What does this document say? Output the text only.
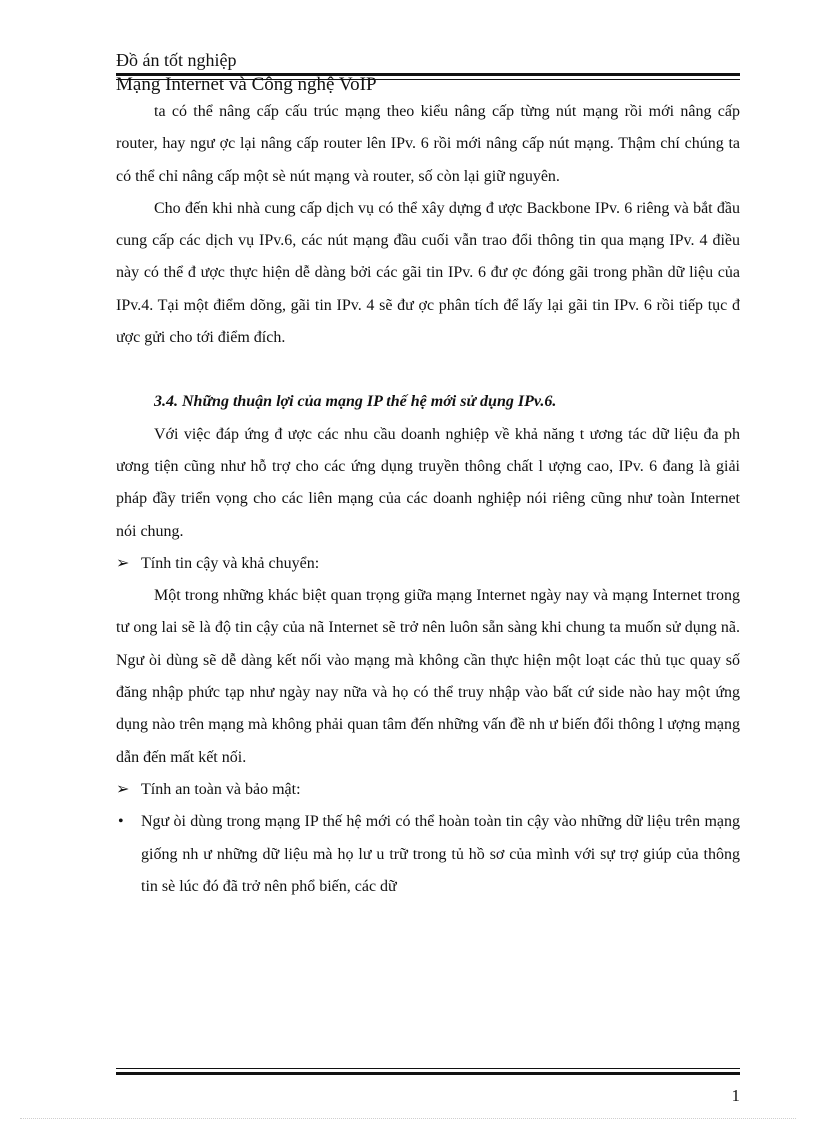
Đồ án tốt nghiệp
Mạng Internet và Công nghệ VoIP

ta có thể nâng cấp cấu trúc mạng theo kiểu nâng cấp từng nút mạng rồi mới nâng cấp router, hay ngư ợc lại nâng cấp router lên IPv. 6 rồi mới nâng cấp nút mạng. Thậm chí chúng ta có thể chỉ nâng cấp một sè nút mạng và router, số còn lại giữ nguyên.

Cho đến khi nhà cung cấp dịch vụ có thể xây dựng đ ược Backbone IPv. 6 riêng và bắt đầu cung cấp các dịch vụ IPv.6, các nút mạng đầu cuối vẫn trao đổi thông tin qua mạng IPv. 4 điều này có thể đ ược thực hiện dễ dàng bởi các gãi tin IPv. 6 đư ợc đóng gãi trong phần dữ liệu của IPv.4. Tại một điểm dõng, gãi tin IPv. 4 sẽ đư ợc phân tích để lấy lại gãi tin IPv. 6 rồi tiếp tục đ ược gửi cho tới điểm đích.

3.4. Những thuận lợi của mạng IP thế hệ mới sử dụng IPv.6.

Với việc đáp ứng đ ược các nhu cầu doanh nghiệp về khả năng t ương tác dữ liệu đa ph ương tiện cũng như hỗ trợ cho các ứng dụng truyền thông chất l ượng cao, IPv. 6 đang là giải pháp đầy triển vọng cho các liên mạng của các doanh nghiệp nói riêng cũng như toàn Internet nói chung.

➢ Tính tin cậy và khả chuyển:

Một trong những khác biệt quan trọng giữa mạng Internet ngày nay và mạng Internet trong tư ong lai sẽ là độ tin cậy của nã Internet sẽ trở nên luôn sẵn sàng khi chung ta muốn sử dụng nã. Ngư òi dùng sẽ dễ dàng kết nối vào mạng mà không cần thực hiện một loạt các thủ tục quay số đăng nhập phức tạp như ngày nay nữa và họ có thể truy nhập vào bất cứ side nào hay một ứng dụng nào trên mạng mà không phải quan tâm đến những vấn đề nh ư biến đổi thông l ượng mạng dẫn đến mất kết nối.

➢ Tính an toàn và bảo mật:

•	Ngư òi dùng trong mạng IP thế hệ mới có thể hoàn toàn tin cậy vào những dữ liệu trên mạng giống nh ư những dữ liệu mà họ lư u trữ trong tủ hồ sơ của mình với sự trợ giúp của thông tin sè lúc đó đã trở nên phổ biến, các dữ

1
